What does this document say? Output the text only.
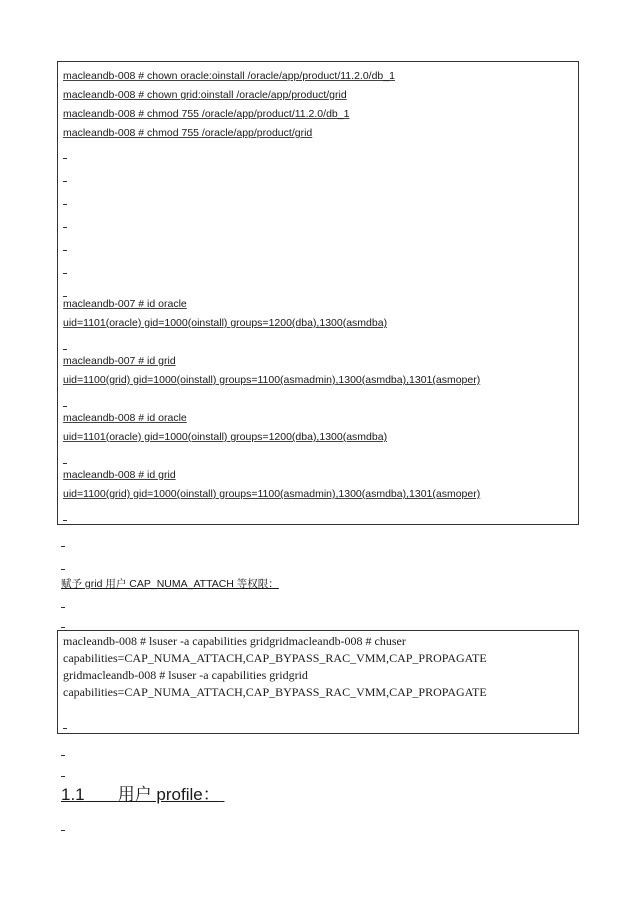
macleandb-008 # chown oracle:oinstall /oracle/app/product/11.2.0/db_1
macleandb-008 # chown grid:oinstall /oracle/app/product/grid
macleandb-008 # chmod 755 /oracle/app/product/11.2.0/db_1
macleandb-008 # chmod 755 /oracle/app/product/grid
macleandb-007 # id oracle
uid=1101(oracle) gid=1000(oinstall) groups=1200(dba),1300(asmdba)
macleandb-007 # id grid
uid=1100(grid) gid=1000(oinstall) groups=1100(asmadmin),1300(asmdba),1301(asmoper)
macleandb-008 # id oracle
uid=1101(oracle) gid=1000(oinstall) groups=1200(dba),1300(asmdba)
macleandb-008 # id grid
uid=1100(grid) gid=1000(oinstall) groups=1100(asmadmin),1300(asmdba),1301(asmoper)
赋予 grid 用户 CAP_NUMA_ATTACH 等权限：
macleandb-008 # lsuser -a capabilities gridgridmacleandb-008 # chuser
capabilities=CAP_NUMA_ATTACH,CAP_BYPASS_RAC_VMM,CAP_PROPAGATE
gridmacleandb-008 # lsuser -a capabilities gridgrid
capabilities=CAP_NUMA_ATTACH,CAP_BYPASS_RAC_VMM,CAP_PROPAGATE
1.1 用户 profile：
